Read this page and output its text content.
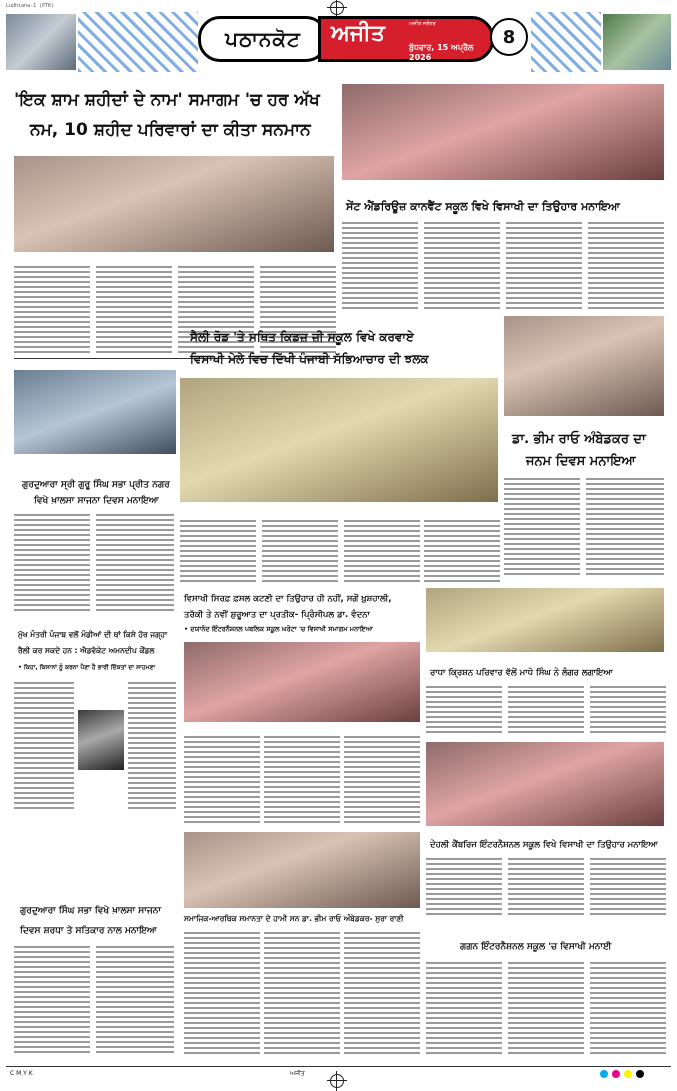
Ludhiana-1 (PTK)
ਪਠਾਨਕੋਟ	ਅਜੀਤ	ਅਜੀਤ ਜਲੰਧਰ
ਬੁੱਧਵਾਰ, 15 ਅਪ੍ਰੈਲ 2026
8
'ਇਕ ਸ਼ਾਮ ਸ਼ਹੀਦਾਂ ਦੇ ਨਾਮ' ਸਮਾਗਮ 'ਚ ਹਰ ਅੱਖ
ਨਮ, 10 ਸ਼ਹੀਦ ਪਰਿਵਾਰਾਂ ਦਾ ਕੀਤਾ ਸਨਮਾਨ
ਸੇਂਟ ਐਂਡਰਿਊਜ਼ ਕਾਨਵੈਂਟ ਸਕੂਲ ਵਿਖੇ ਵਿਸਾਖੀ ਦਾ ਤਿਉਹਾਰ ਮਨਾਇਆ
ਸੈਲੀ ਰੋਡ 'ਤੇ ਸਥਿਤ ਕਿਡਜ਼ ਜ਼ੀ ਸਕੂਲ ਵਿਖੇ ਕਰਵਾਏ
ਵਿਸਾਖੀ ਮੇਲੇ ਵਿਚ ਦਿੱਖੀ ਪੰਜਾਬੀ ਸੱਭਿਆਚਾਰ ਦੀ ਝਲਕ
ਗੁਰਦੁਆਰਾ ਸ੍ਰੀ ਗੁਰੂ ਸਿੰਘ ਸਭਾ ਪ੍ਰੀਤ ਨਗਰ
ਵਿਖੇ ਖ਼ਾਲਸਾ ਸਾਜਨਾ ਦਿਵਸ ਮਨਾਇਆ
ਡਾ. ਭੀਮ ਰਾਓ ਅੰਬੇਡਕਰ ਦਾ
ਜਨਮ ਦਿਵਸ ਮਨਾਇਆ
ਵਿਸਾਖੀ ਸਿਰਫ਼ ਫ਼ਸਲ ਕਟਣੀ ਦਾ ਤਿਉਹਾਰ ਹੀ ਨਹੀਂ, ਸਗੋਂ ਖ਼ੁਸ਼ਹਾਲੀ,
ਤਰੱਕੀ ਤੇ ਨਵੀਂ ਸ਼ੁਰੂਆਤ ਦਾ ਪ੍ਰਤੀਕ- ਪ੍ਰਿੰਸੀਪਲ ਡਾ. ਵੰਦਨਾ
• ਦਯਾਨੰਦ ਇੰਟਰਨੈਸ਼ਨਲ ਪਬਲਿਕ ਸਕੂਲ ਘਰੋਟਾ 'ਚ ਵਿਸਾਖੀ ਸਮਾਗਮ ਮਨਾਇਆ
ਮੁੱਖ ਮੰਤਰੀ ਪੰਜਾਬ ਵਲੋਂ ਮੰਡੀਆਂ ਦੀ ਥਾਂ ਕਿਸੇ ਹੋਰ ਜਗ੍ਹਾ
ਰੈਲੀ ਕਰ ਸਕਦੇ ਹਨ : ਐਡਵੋਕੇਟ ਅਮਨਦੀਪ ਕੌਂਡਲ
• ਕਿਹਾ, ਕਿਸਾਨਾਂ ਨੂੰ ਕਰਨਾ ਪੈਣਾ ਹੈ ਭਾਰੀ ਦਿੱਕਤਾਂ ਦਾ ਸਾਹਮਣਾ
ਰਾਧਾ ਕ੍ਰਿਸ਼ਨ ਪਰਿਵਾਰ ਵੱਲੋਂ ਮਾਧੋ ਸਿੰਘ ਨੇ ਲੰਗਰ ਲਗਾਇਆ
ਦੇਹਲੀ ਕੈਂਬਰਿਜ ਇੰਟਰਨੈਸ਼ਨਲ ਸਕੂਲ ਵਿਖੇ ਵਿਸਾਖੀ ਦਾ ਤਿਉਹਾਰ ਮਨਾਇਆ
ਸਮਾਜਿਕ-ਆਰਥਿਕ ਸਮਾਨਤਾ ਦੇ ਹਾਮੀ ਸਨ ਡਾ. ਭੀਮ ਰਾਓ ਅੰਬੇਡਕਰ- ਸੁਰਾ ਰਾਣੀ
ਗੁਰਦੁਆਰਾ ਸਿੰਘ ਸਭਾ ਵਿਖੇ ਖ਼ਾਲਸਾ ਸਾਜਨਾ
ਦਿਵਸ ਸ਼ਰਧਾ ਤੇ ਸਤਿਕਾਰ ਨਾਲ ਮਨਾਇਆ
ਗਗਨ ਇੰਟਰਨੈਸ਼ਨਲ ਸਕੂਲ 'ਚ ਵਿਸਾਖੀ ਮਨਾਈ
C M Y K	ਅਜੀਤ
